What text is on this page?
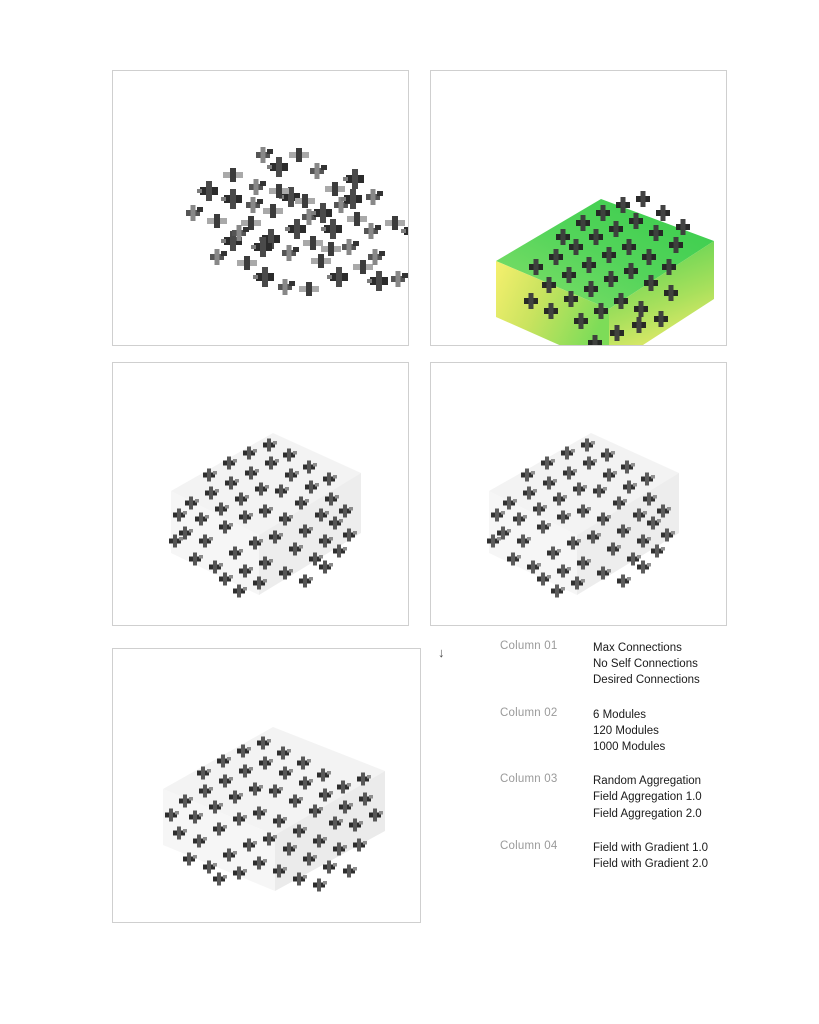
↓	Column 01	Max Connections
No Self Connections
Desired Connections
Column 02	6 Modules
120 Modules
1000 Modules
Column 03	Random Aggregation
Field Aggregation 1.0
Field Aggregation 2.0
Column 04	Field with Gradient 1.0
Field with Gradient 2.0
